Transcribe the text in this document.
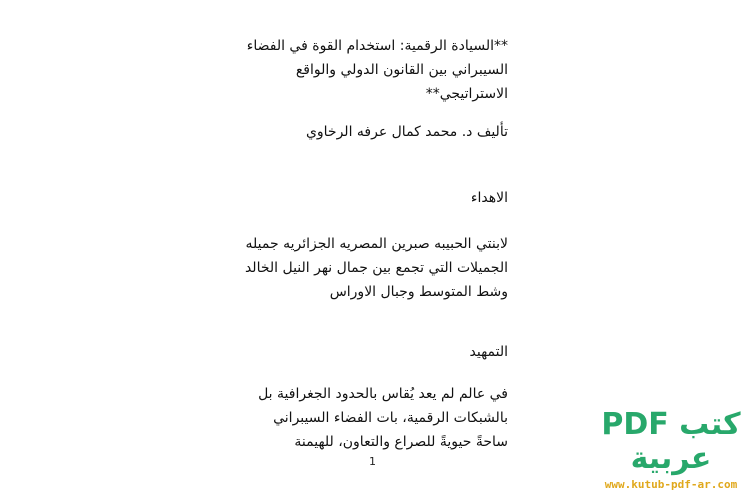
**السيادة الرقمية: استخدام القوة في الفضاء
السيبراني بين القانون الدولي والواقع
الاستراتيجي**
تأليف د. محمد كمال عرفه الرخاوي
الاهداء
لابنتي الحبيبه صبرين المصريه الجزائريه جميله
الجميلات التي تجمع بين جمال نهر النيل الخالد
وشط المتوسط وجبال الاوراس
التمهيد
في عالم لم يعد يُقاس بالحدود الجغرافية بل
بالشبكات الرقمية، بات الفضاء السيبراني
ساحةً حيويةً للصراع والتعاون، للهيمنة
1
كتب PDF عربية
www.kutub-pdf-ar.com
